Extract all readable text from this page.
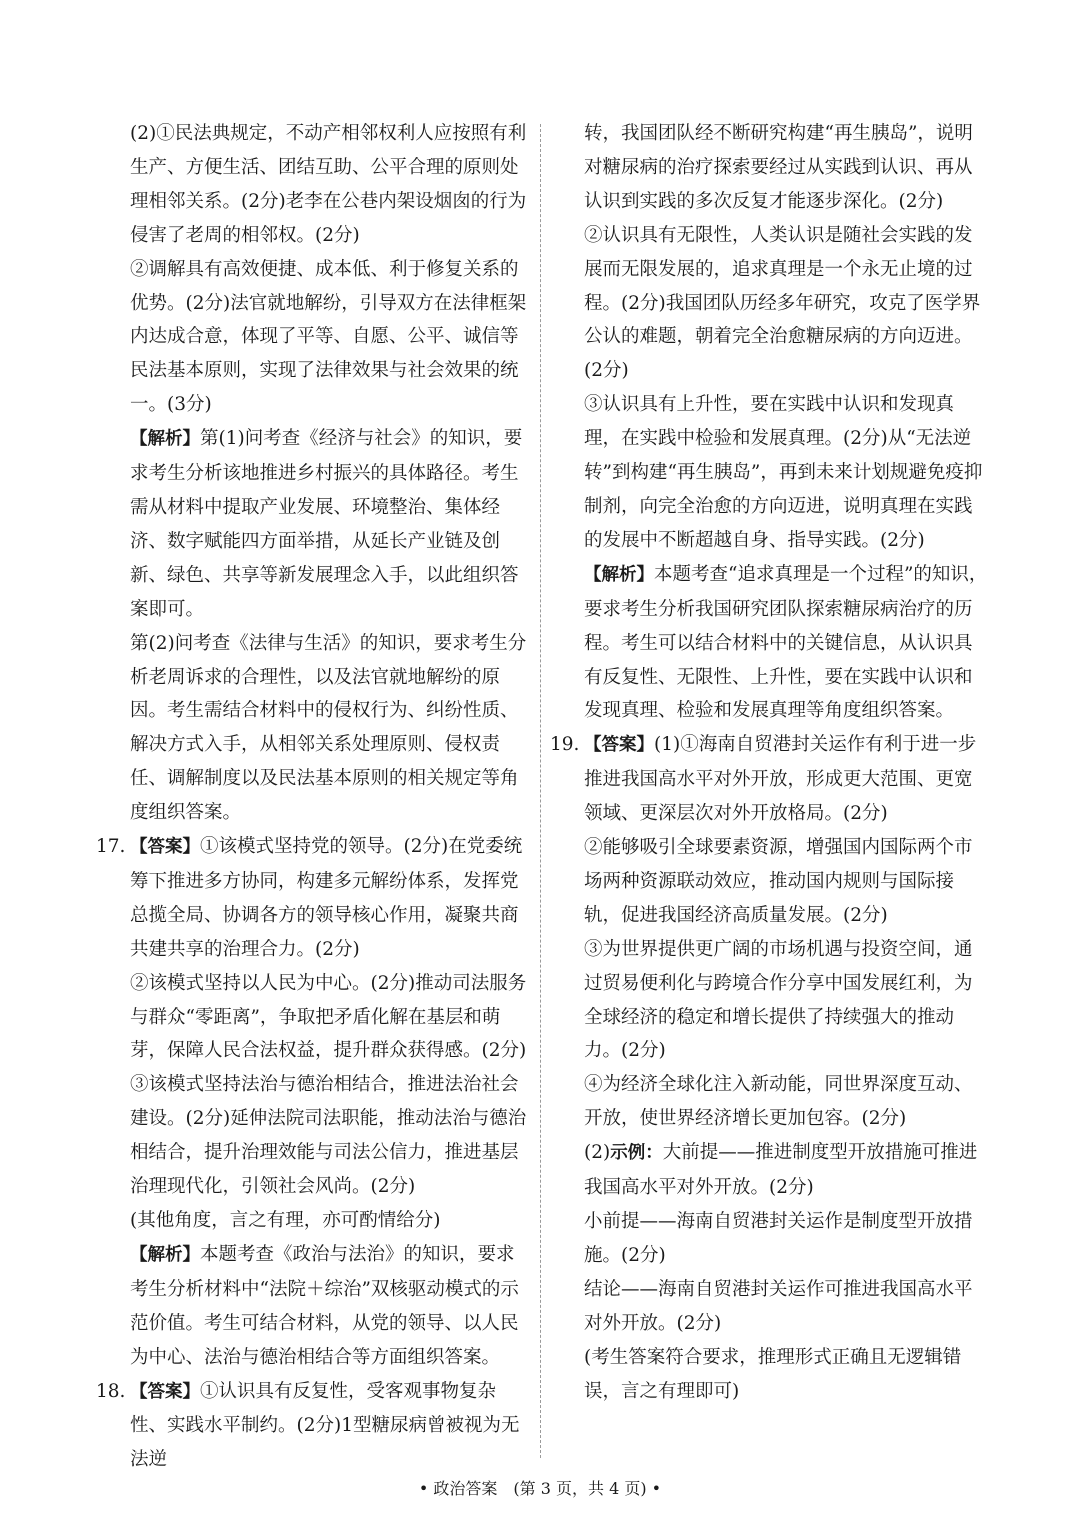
(2)①民法典规定，不动产相邻权利人应按照有利生产、方便生活、团结互助、公平合理的原则处理相邻关系。(2分)老李在公巷内架设烟囱的行为侵害了老周的相邻权。(2分)

②调解具有高效便捷、成本低、利于修复关系的优势。(2分)法官就地解纷，引导双方在法律框架内达成合意，体现了平等、自愿、公平、诚信等民法基本原则，实现了法律效果与社会效果的统一。(3分)

【解析】第(1)问考查《经济与社会》的知识，要求考生分析该地推进乡村振兴的具体路径。考生需从材料中提取产业发展、环境整治、集体经济、数字赋能四方面举措，从延长产业链及创新、绿色、共享等新发展理念入手，以此组织答案即可。

第(2)问考查《法律与生活》的知识，要求考生分析老周诉求的合理性，以及法官就地解纷的原因。考生需结合材料中的侵权行为、纠纷性质、解决方式入手，从相邻关系处理原则、侵权责任、调解制度以及民法基本原则的相关规定等角度组织答案。

17. 【答案】①该模式坚持党的领导。(2分)在党委统筹下推进多方协同，构建多元解纷体系，发挥党总揽全局、协调各方的领导核心作用，凝聚共商共建共享的治理合力。(2分)

②该模式坚持以人民为中心。(2分)推动司法服务与群众“零距离”，争取把矛盾化解在基层和萌芽，保障人民合法权益，提升群众获得感。(2分)

③该模式坚持法治与德治相结合，推进法治社会建设。(2分)延伸法院司法职能，推动法治与德治相结合，提升治理效能与司法公信力，推进基层治理现代化，引领社会风尚。(2分)

(其他角度，言之有理，亦可酌情给分)

【解析】本题考查《政治与法治》的知识，要求考生分析材料中“法院＋综治”双核驱动模式的示范价值。考生可结合材料，从党的领导、以人民为中心、法治与德治相结合等方面组织答案。

18. 【答案】①认识具有反复性，受客观事物复杂性、实践水平制约。(2分)1型糖尿病曾被视为无法逆

转，我国团队经不断研究构建“再生胰岛”，说明对糖尿病的治疗探索要经过从实践到认识、再从认识到实践的多次反复才能逐步深化。(2分)

②认识具有无限性，人类认识是随社会实践的发展而无限发展的，追求真理是一个永无止境的过程。(2分)我国团队历经多年研究，攻克了医学界公认的难题，朝着完全治愈糖尿病的方向迈进。(2分)

③认识具有上升性，要在实践中认识和发现真理，在实践中检验和发展真理。(2分)从“无法逆转”到构建“再生胰岛”，再到未来计划规避免疫抑制剂，向完全治愈的方向迈进，说明真理在实践的发展中不断超越自身、指导实践。(2分)

【解析】本题考查“追求真理是一个过程”的知识，要求考生分析我国研究团队探索糖尿病治疗的历程。考生可以结合材料中的关键信息，从认识具有反复性、无限性、上升性，要在实践中认识和发现真理、检验和发展真理等角度组织答案。

19. 【答案】(1)①海南自贸港封关运作有利于进一步推进我国高水平对外开放，形成更大范围、更宽领域、更深层次对外开放格局。(2分)

②能够吸引全球要素资源，增强国内国际两个市场两种资源联动效应，推动国内规则与国际接轨，促进我国经济高质量发展。(2分)

③为世界提供更广阔的市场机遇与投资空间，通过贸易便利化与跨境合作分享中国发展红利，为全球经济的稳定和增长提供了持续强大的推动力。(2分)

④为经济全球化注入新动能，同世界深度互动、开放，使世界经济增长更加包容。(2分)

(2)示例：大前提——推进制度型开放措施可推进我国高水平对外开放。(2分)

小前提——海南自贸港封关运作是制度型开放措施。(2分)

结论——海南自贸港封关运作可推进我国高水平对外开放。(2分)

(考生答案符合要求，推理形式正确且无逻辑错误，言之有理即可)

• 政治答案　(第 3 页，共 4 页) •
